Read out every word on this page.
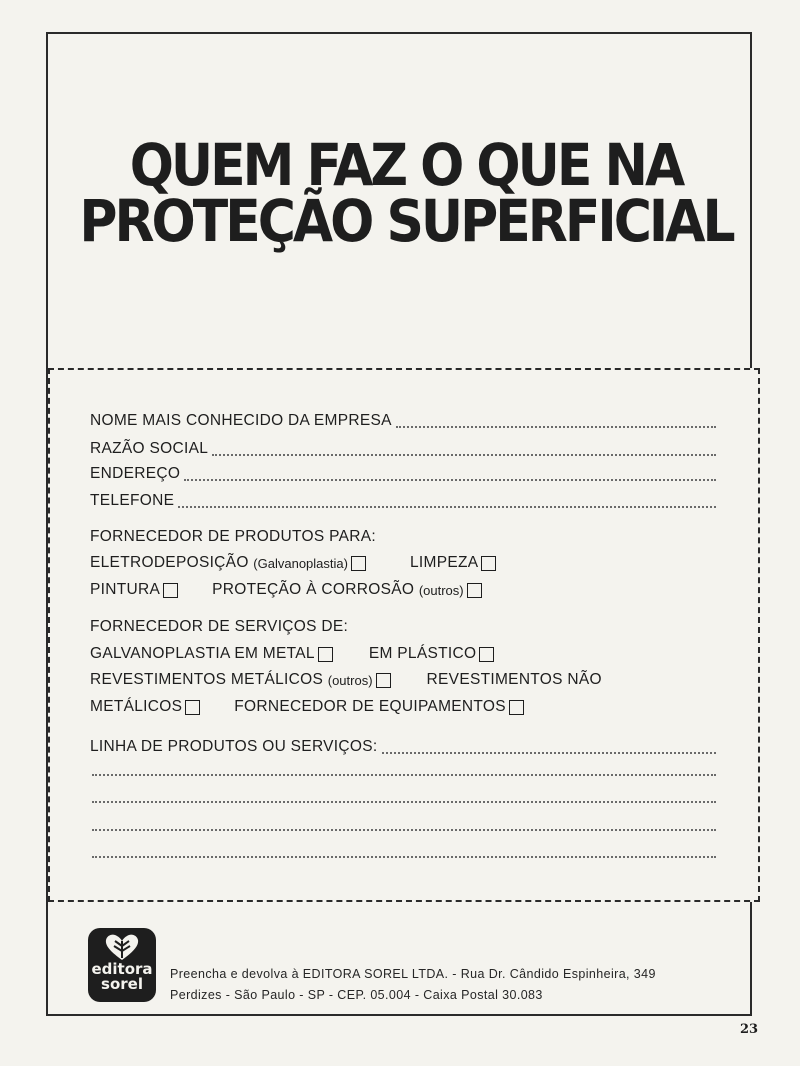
QUEM FAZ O QUE NA
PROTEÇÃO SUPERFICIAL
NOME MAIS CONHECIDO DA EMPRESA
RAZÃO SOCIAL
ENDEREÇO
TELEFONE
FORNECEDOR DE PRODUTOS PARA:
ELETRODEPOSIÇÃO
(Galvanoplastia)	LIMPEZA
PINTURA	PROTEÇÃO À CORROSÃO
(outros)
FORNECEDOR DE SERVIÇOS DE:
GALVANOPLASTIA EM METAL	EM PLÁSTICO
REVESTIMENTOS METÁLICOS
(outros)	REVESTIMENTOS NÃO
METÁLICOS	FORNECEDOR DE EQUIPAMENTOS
LINHA DE PRODUTOS OU SERVIÇOS:
editora
sorel
Preencha e devolva à EDITORA SOREL LTDA. - Rua Dr. Cândido Espinheira, 349
Perdizes - São Paulo - SP - CEP. 05.004 - Caixa Postal 30.083
23
